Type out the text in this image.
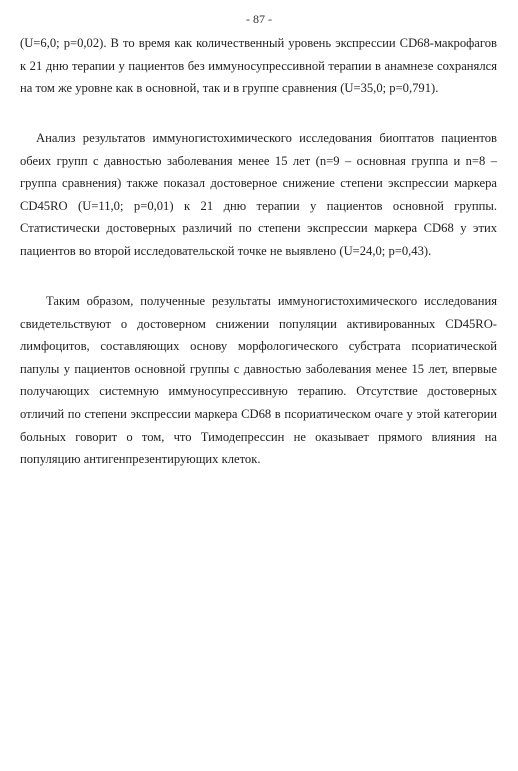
- 87 -

(U=6,0; p=0,02). В то время как количественный уровень экспрессии CD68-макрофагов к 21 дню терапии у пациентов без иммуносупрессивной терапии в анамнезе сохранялся на том же уровне как в основной, так и в группе сравнения (U=35,0; p=0,791).

Анализ результатов иммуногистохимического исследования биоптатов пациентов обеих групп с давностью заболевания менее 15 лет (n=9 – основная группа и n=8 – группа сравнения) также показал достоверное снижение степени экспрессии маркера CD45RO (U=11,0; p=0,01) к 21 дню терапии у пациентов основной группы. Статистически достоверных различий по степени экспрессии маркера CD68 у этих пациентов во второй исследовательской точке не выявлено (U=24,0; p=0,43).

Таким образом, полученные результаты иммуногистохимического исследования свидетельствуют о достоверном снижении популяции активированных CD45RO-лимфоцитов, составляющих основу морфологического субстрата псориатической папулы у пациентов основной группы с давностью заболевания менее 15 лет, впервые получающих системную иммуносупрессивную терапию. Отсутствие достоверных отличий по степени экспрессии маркера CD68 в псориатическом очаге у этой категории больных говорит о том, что Тимодепрессин не оказывает прямого влияния на популяцию антигенпрезентирующих клеток.
